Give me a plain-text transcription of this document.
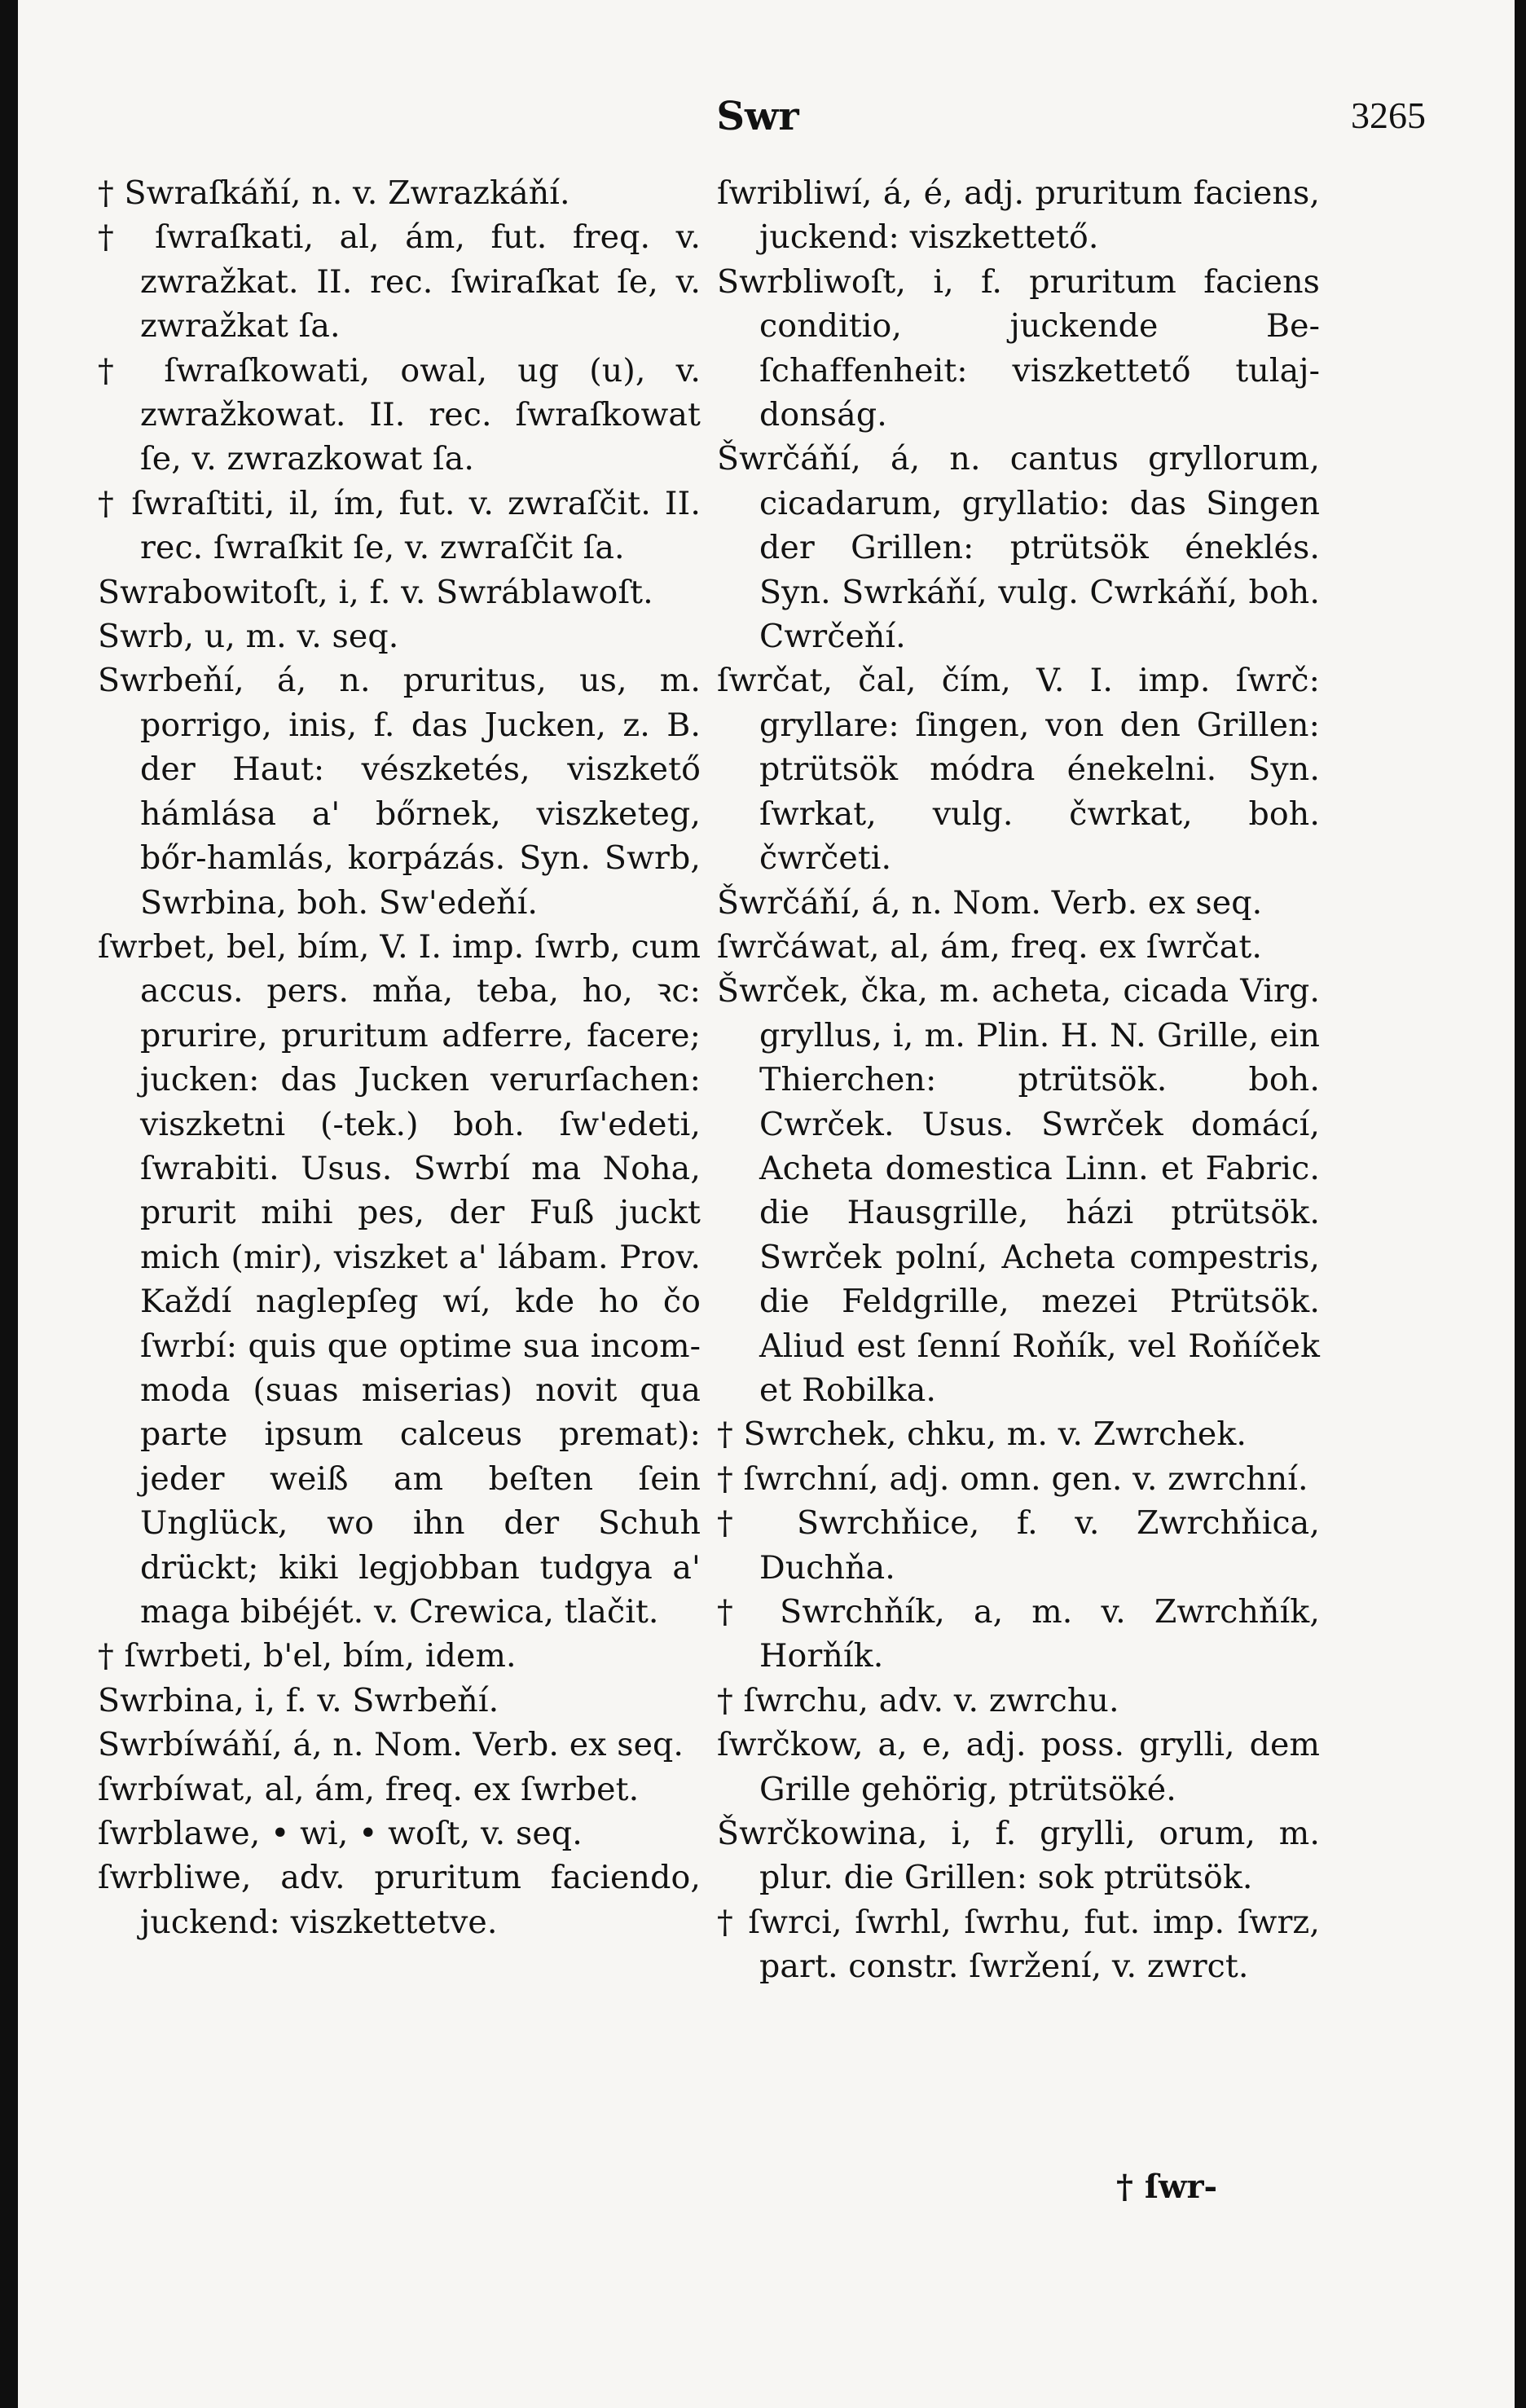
Swr	3265

† Swraſkáňí, n. v. Zwrazkáňí.

† ſwraſkati, al, ám, fut. freq. v. zwražkat. II. rec. ſwiraſkat ſe, v. zwražkat ſa.

† ſwraſkowati, owal, ug (u), v. zwražkowat. II. rec. ſwraſkowat ſe, v. zwrazkowat ſa.

† ſwraſtiti, il, ím, fut. v. zwraſčit. II. rec. ſwraſkit ſe, v. zwraſčit ſa.

Swrabowitoſt, i, f. v. Swráblawoſt.

Swrb, u, m. v. seq.

Swrbeňí, á, n. pruritus, us, m. porrigo, inis, f. das Jucken, z. B. der Haut: vészketés, viszkető hámlása a' bőrnek, viszketeg, bőr-hamlás, korpázás. Syn. Swrb, Swrbina, boh. Sw'edeňí.

ſwrbet, bel, bím, V. I. imp. ſwrb, cum accus. pers. mňa, teba, ho, ꝛc: prurire, pruritum adferre, facere; jucken: das Jucken verurſachen: viszketni (-tek.) boh. ſw'edeti, ſwrabiti. Usus. Swrbí ma Noha, prurit mihi pes, der Fuß juckt mich (mir), viszket a' lábam. Prov. Každí naglepſeg wí, kde ho čo ſwrbí: quis que optime sua incommoda (suas miserias) novit qua parte ipsum calceus premat): jeder weiß am beſten ſein Unglück, wo ihn der Schuh drückt; kiki legjobban tudgya a' maga bibéjét. v. Crewica, tlačit.

† ſwrbeti, b'el, bím, idem.

Swrbina, i, f. v. Swrbeňí.

Swrbíwáňí, á, n. Nom. Verb. ex seq.

ſwrbíwat, al, ám, freq. ex ſwrbet.

ſwrblawe, • wi, • woſt, v. seq.

ſwrbliwe, adv. pruritum faciendo, juckend: viszkettetve.

ſwribliwí, á, é, adj. pruritum faciens, juckend: viszkettető.

Swrbliwoſt, i, f. pruritum faciens conditio, juckende Beſchaffenheit: viszkettető tulajdonság.

Šwrčáňí, á, n. cantus gryllorum, cicadarum, gryllatio: das Singen der Grillen: ptrütsök éneklés. Syn. Swrkáňí, vulg. Cwrkáňí, boh. Cwrčeňí.

ſwrčat, čal, čím, V. I. imp. ſwrč: gryllare: ſingen, von den Grillen: ptrütsök módra énekelni. Syn. ſwrkat, vulg. čwrkat, boh. čwrčeti.

Šwrčáňí, á, n. Nom. Verb. ex seq.

ſwrčáwat, al, ám, freq. ex ſwrčat.

Šwrček, čka, m. acheta, cicada Virg. gryllus, i, m. Plin. H. N. Grille, ein Thierchen: ptrütsök. boh. Cwrček. Usus. Swrček domácí, Acheta domestica Linn. et Fabric. die Hausgrille, házi ptrütsök. Swrček polní, Acheta compestris, die Feldgrille, mezei Ptrütsök. Aliud est ſenní Roňík, vel Roňíček et Robilka.

† Swrchek, chku, m. v. Zwrchek.

† ſwrchní, adj. omn. gen. v. zwrchní.

† Swrchňice, f. v. Zwrchňica, Duchňa.

† Swrchňík, a, m. v. Zwrchňík, Horňík.

† ſwrchu, adv. v. zwrchu.

ſwrčkow, a, e, adj. poss. grylli, dem Grille gehörig, ptrütsöké.

Šwrčkowina, i, f. grylli, orum, m. plur. die Grillen: sok ptrütsök.

† ſwrci, ſwrhl, ſwrhu, fut. imp. ſwrz, part. constr. ſwržení, v. zwrct.

† ſwr-
